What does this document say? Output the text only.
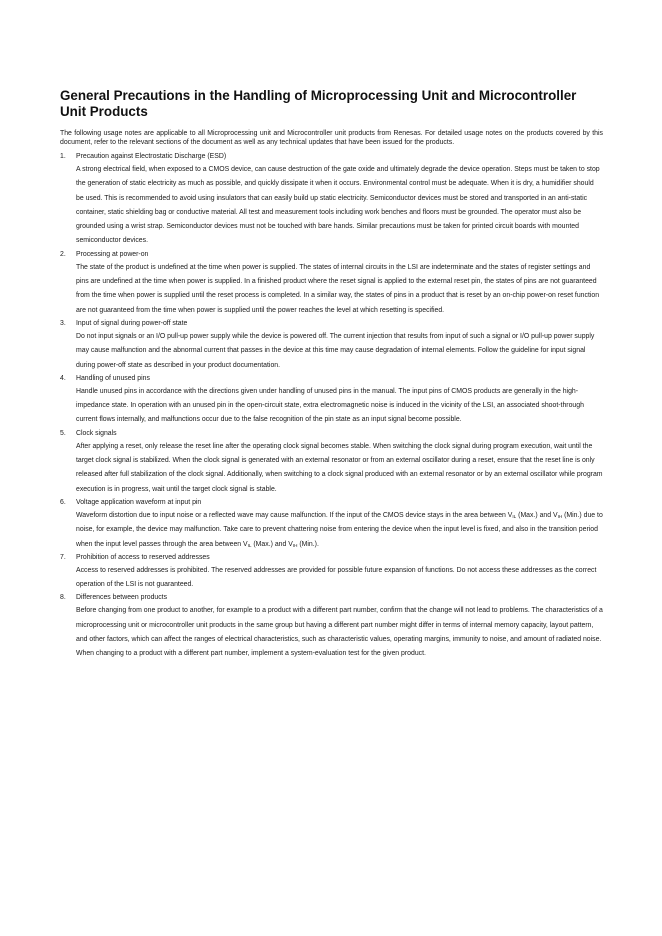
General Precautions in the Handling of Microprocessing Unit and Microcontroller Unit Products

The following usage notes are applicable to all Microprocessing unit and Microcontroller unit products from Renesas. For detailed usage notes on the products covered by this document, refer to the relevant sections of the document as well as any technical updates that have been issued for the products.

1.	Precaution against Electrostatic Discharge (ESD)
A strong electrical field, when exposed to a CMOS device, can cause destruction of the gate oxide and ultimately degrade the device operation. Steps must be taken to stop the generation of static electricity as much as possible, and quickly dissipate it when it occurs. Environmental control must be adequate. When it is dry, a humidifier should be used. This is recommended to avoid using insulators that can easily build up static electricity. Semiconductor devices must be stored and transported in an anti-static container, static shielding bag or conductive material. All test and measurement tools including work benches and floors must be grounded. The operator must also be grounded using a wrist strap. Semiconductor devices must not be touched with bare hands. Similar precautions must be taken for printed circuit boards with mounted semiconductor devices.
2.	Processing at power-on
The state of the product is undefined at the time when power is supplied. The states of internal circuits in the LSI are indeterminate and the states of register settings and pins are undefined at the time when power is supplied. In a finished product where the reset signal is applied to the external reset pin, the states of pins are not guaranteed from the time when power is supplied until the reset process is completed. In a similar way, the states of pins in a product that is reset by an on-chip power-on reset function are not guaranteed from the time when power is supplied until the power reaches the level at which resetting is specified.
3.	Input of signal during power-off state
Do not input signals or an I/O pull-up power supply while the device is powered off. The current injection that results from input of such a signal or I/O pull-up power supply may cause malfunction and the abnormal current that passes in the device at this time may cause degradation of internal elements. Follow the guideline for input signal during power-off state as described in your product documentation.
4.	Handling of unused pins
Handle unused pins in accordance with the directions given under handling of unused pins in the manual. The input pins of CMOS products are generally in the high-impedance state. In operation with an unused pin in the open-circuit state, extra electromagnetic noise is induced in the vicinity of the LSI, an associated shoot-through current flows internally, and malfunctions occur due to the false recognition of the pin state as an input signal become possible.
5.	Clock signals
After applying a reset, only release the reset line after the operating clock signal becomes stable. When switching the clock signal during program execution, wait until the target clock signal is stabilized. When the clock signal is generated with an external resonator or from an external oscillator during a reset, ensure that the reset line is only released after full stabilization of the clock signal. Additionally, when switching to a clock signal produced with an external resonator or by an external oscillator while program execution is in progress, wait until the target clock signal is stable.
6.	Voltage application waveform at input pin
Waveform distortion due to input noise or a reflected wave may cause malfunction. If the input of the CMOS device stays in the area between $V_{IL}$ (Max.) and $V_{IH}$ (Min.) due to noise, for example, the device may malfunction. Take care to prevent chattering noise from entering the device when the input level is fixed, and also in the transition period when the input level passes through the area between $V_{IL}$ (Max.) and $V_{IH}$ (Min.).
7.	Prohibition of access to reserved addresses
Access to reserved addresses is prohibited. The reserved addresses are provided for possible future expansion of functions. Do not access these addresses as the correct operation of the LSI is not guaranteed.
8.	Differences between products
Before changing from one product to another, for example to a product with a different part number, confirm that the change will not lead to problems. The characteristics of a microprocessing unit or microcontroller unit products in the same group but having a different part number might differ in terms of internal memory capacity, layout pattern, and other factors, which can affect the ranges of electrical characteristics, such as characteristic values, operating margins, immunity to noise, and amount of radiated noise. When changing to a product with a different part number, implement a system-evaluation test for the given product.
